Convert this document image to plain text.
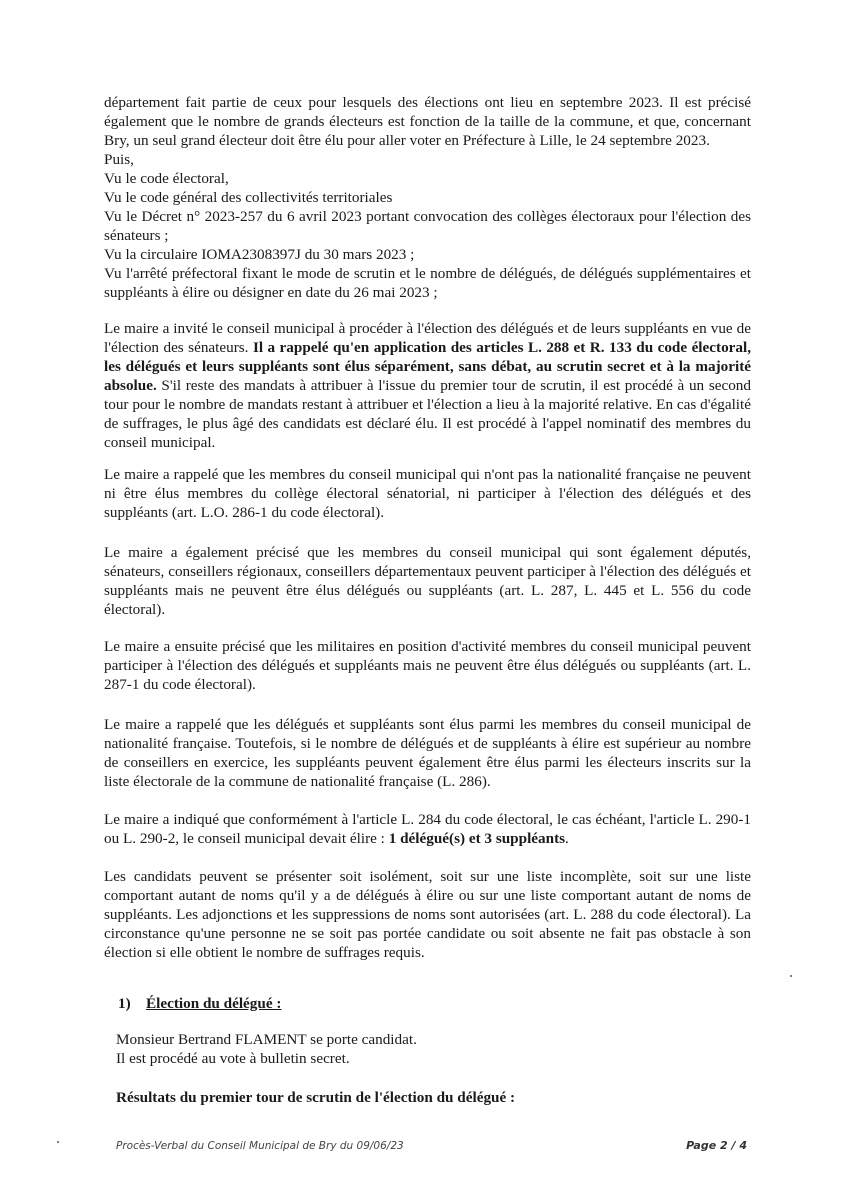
département fait partie de ceux pour lesquels des élections ont lieu en septembre 2023. Il est précisé également que le nombre de grands électeurs est fonction de la taille de la commune, et que, concernant Bry, un seul grand électeur doit être élu pour aller voter en Préfecture à Lille, le 24 septembre 2023.

Puis,
Vu le code électoral,
Vu le code général des collectivités territoriales
Vu le Décret n° 2023-257 du 6 avril 2023 portant convocation des collèges électoraux pour l'élection des sénateurs ;
Vu la circulaire IOMA2308397J du 30 mars 2023 ;
Vu l'arrêté préfectoral fixant le mode de scrutin et le nombre de délégués, de délégués supplémentaires et suppléants à élire ou désigner en date du 26 mai 2023 ;

Le maire a invité le conseil municipal à procéder à l'élection des délégués et de leurs suppléants en vue de l'élection des sénateurs. Il a rappelé qu'en application des articles L. 288 et R. 133 du code électoral, les délégués et leurs suppléants sont élus séparément, sans débat, au scrutin secret et à la majorité absolue. S'il reste des mandats à attribuer à l'issue du premier tour de scrutin, il est procédé à un second tour pour le nombre de mandats restant à attribuer et l'élection a lieu à la majorité relative. En cas d'égalité de suffrages, le plus âgé des candidats est déclaré élu. Il est procédé à l'appel nominatif des membres du conseil municipal.

Le maire a rappelé que les membres du conseil municipal qui n'ont pas la nationalité française ne peuvent ni être élus membres du collège électoral sénatorial, ni participer à l'élection des délégués et des suppléants (art. L.O. 286-1 du code électoral).

Le maire a également précisé que les membres du conseil municipal qui sont également députés, sénateurs, conseillers régionaux, conseillers départementaux peuvent participer à l'élection des délégués et suppléants mais ne peuvent être élus délégués ou suppléants (art. L. 287, L. 445 et L. 556 du code électoral).

Le maire a ensuite précisé que les militaires en position d'activité membres du conseil municipal peuvent participer à l'élection des délégués et suppléants mais ne peuvent être élus délégués ou suppléants (art. L. 287-1 du code électoral).

Le maire a rappelé que les délégués et suppléants sont élus parmi les membres du conseil municipal de nationalité française. Toutefois, si le nombre de délégués et de suppléants à élire est supérieur au nombre de conseillers en exercice, les suppléants peuvent également être élus parmi les électeurs inscrits sur la liste électorale de la commune de nationalité française (L. 286).

Le maire a indiqué que conformément à l'article L. 284 du code électoral, le cas échéant, l'article L. 290-1 ou L. 290-2, le conseil municipal devait élire : 1 délégué(s) et 3 suppléants.

Les candidats peuvent se présenter soit isolément, soit sur une liste incomplète, soit sur une liste comportant autant de noms qu'il y a de délégués à élire ou sur une liste comportant autant de noms de suppléants. Les adjonctions et les suppressions de noms sont autorisées (art. L. 288 du code électoral). La circonstance qu'une personne ne se soit pas portée candidate ou soit absente ne fait pas obstacle à son élection si elle obtient le nombre de suffrages requis.

1) Élection du délégué :
Monsieur Bertrand FLAMENT se porte candidat.
Il est procédé au vote à bulletin secret.
Résultats du premier tour de scrutin de l'élection du délégué :
Procès-Verbal du Conseil Municipal de Bry du 09/06/23	Page 2 / 4
